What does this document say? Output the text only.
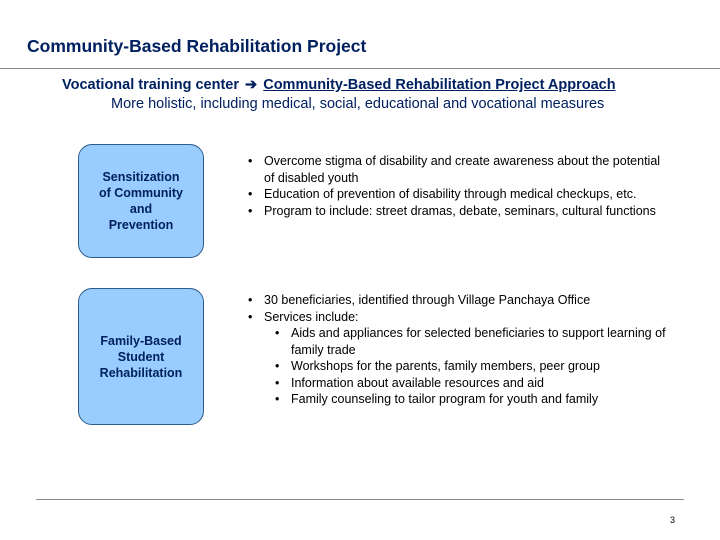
Community-Based Rehabilitation Project
Vocational training center ➔ Community-Based Rehabilitation Project Approach
More holistic, including medical, social, educational and vocational measures
Sensitization
of Community
and
Prevention
• Overcome stigma of disability and create awareness about the potential of disabled youth
• Education of prevention of disability through medical checkups, etc.
• Program to include: street dramas, debate, seminars, cultural functions
Family-Based
Student
Rehabilitation
• 30 beneficiaries, identified through Village Panchaya Office
• Services include:
• Aids and appliances for selected beneficiaries to support learning of family trade
• Workshops for the parents, family members, peer group
• Information about available resources and aid
• Family counseling to tailor program for youth and family
3
